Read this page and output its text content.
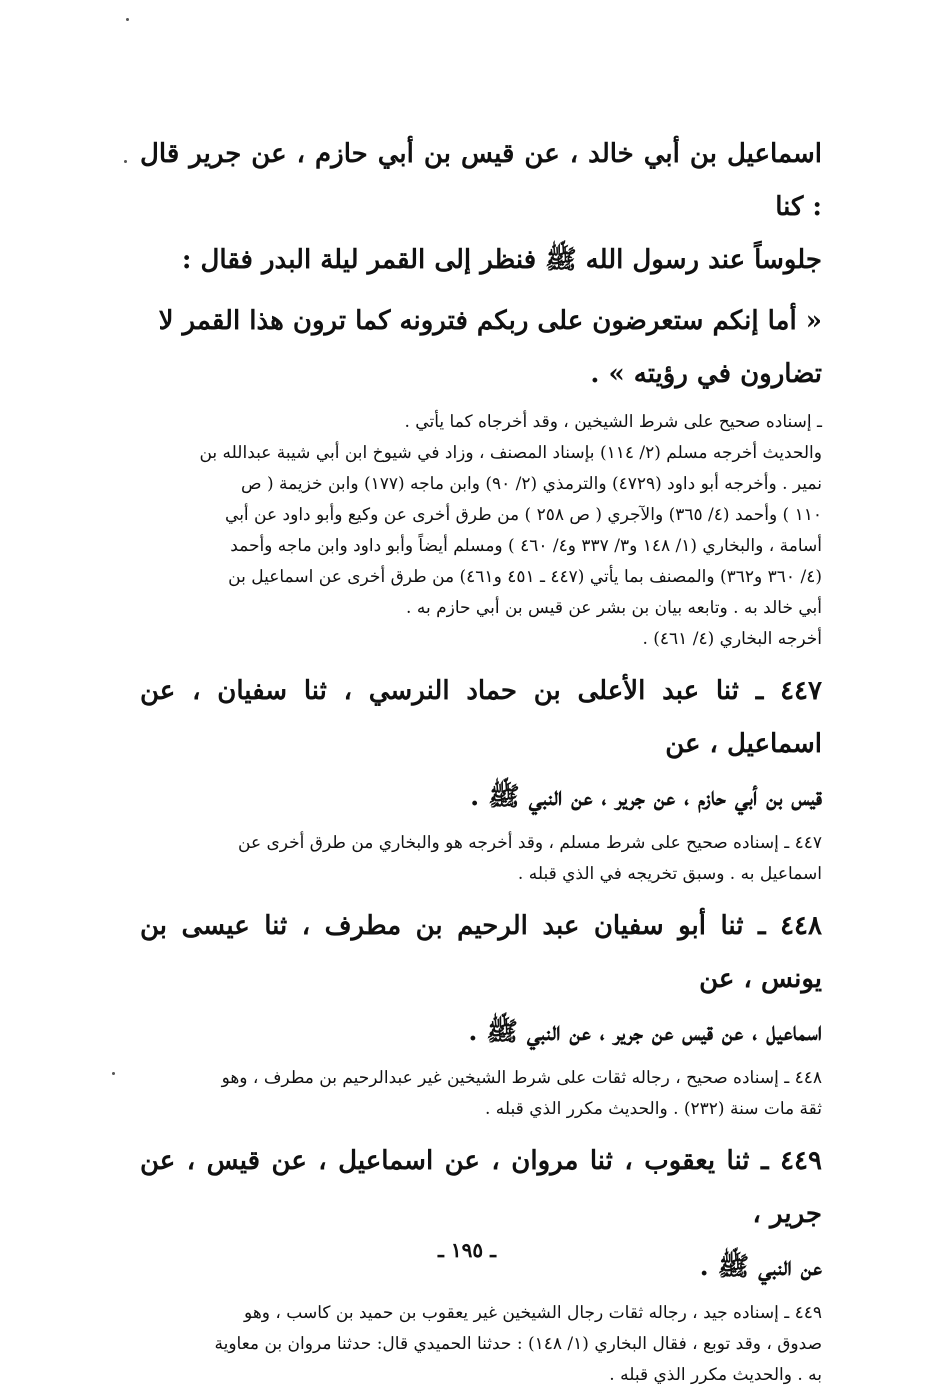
اسماعيل بن أبي خالد ، عن قيس بن أبي حازم ، عن جرير قال : كنا
جلوساً عند رسول الله ﷺ فنظر إلى القمر ليلة البدر فقال :
« أما إنكم ستعرضون على ربكم فترونه كما ترون هذا القمر لا
تضارون في رؤيته » .
ـ إسناده صحيح على شرط الشيخين ، وقد أخرجاه كما يأتي .
والحديث أخرجه مسلم (٢/ ١١٤) بإسناد المصنف ، وزاد في شيوخ ابن أبي شيبة عبدالله بن
نمير . وأخرجه أبو داود (٤٧٢٩) والترمذي (٢/ ٩٠) وابن ماجه (١٧٧) وابن خزيمة ( ص
١١٠ ) وأحمد (٤/ ٣٦٥) والآجري ( ص ٢٥٨ ) من طرق أخرى عن وكيع وأبو داود عن أبي
أسامة ، والبخاري (١/ ١٤٨ و٣/ ٣٣٧ و٤/ ٤٦٠ ) ومسلم أيضاً وأبو داود وابن ماجه وأحمد
(٤/ ٣٦٠ و٣٦٢) والمصنف بما يأتي (٤٤٧ ـ ٤٥١ و٤٦١) من طرق أخرى عن اسماعيل بن
أبي خالد به . وتابعه بيان بن بشر عن قيس بن أبي حازم به .
أخرجه البخاري (٤/ ٤٦١) .
٤٤٧ ـ ثنا عبد الأعلى بن حماد النرسي ، ثنا سفيان ، عن اسماعيل ، عن
قيس بن أبي حازم ، عن جرير ، عن النبي ﷺ .
٤٤٧ ـ إسناده صحيح على شرط مسلم ، وقد أخرجه هو والبخاري من طرق أخرى عن
اسماعيل به . وسبق تخريجه في الذي قبله .
٤٤٨ ـ ثنا أبو سفيان عبد الرحيم بن مطرف ، ثنا عيسى بن يونس ، عن
اسماعيل ، عن قيس عن جرير ، عن النبي ﷺ .
٤٤٨ ـ إسناده صحيح ، رجاله ثقات على شرط الشيخين غير عبدالرحيم بن مطرف ، وهو
ثقة مات سنة (٢٣٢) . والحديث مكرر الذي قبله .
٤٤٩ ـ ثنا يعقوب ، ثنا مروان ، عن اسماعيل ، عن قيس ، عن جرير ،
عن النبي ﷺ .
٤٤٩ ـ إسناده جيد ، رجاله ثقات رجال الشيخين غير يعقوب بن حميد بن كاسب ، وهو
صدوق ، وقد توبع ، فقال البخاري (١/ ١٤٨) : حدثنا الحميدي قال: حدثنا مروان بن معاوية
به . والحديث مكرر الذي قبله .
ـ ١٩٥ ـ
